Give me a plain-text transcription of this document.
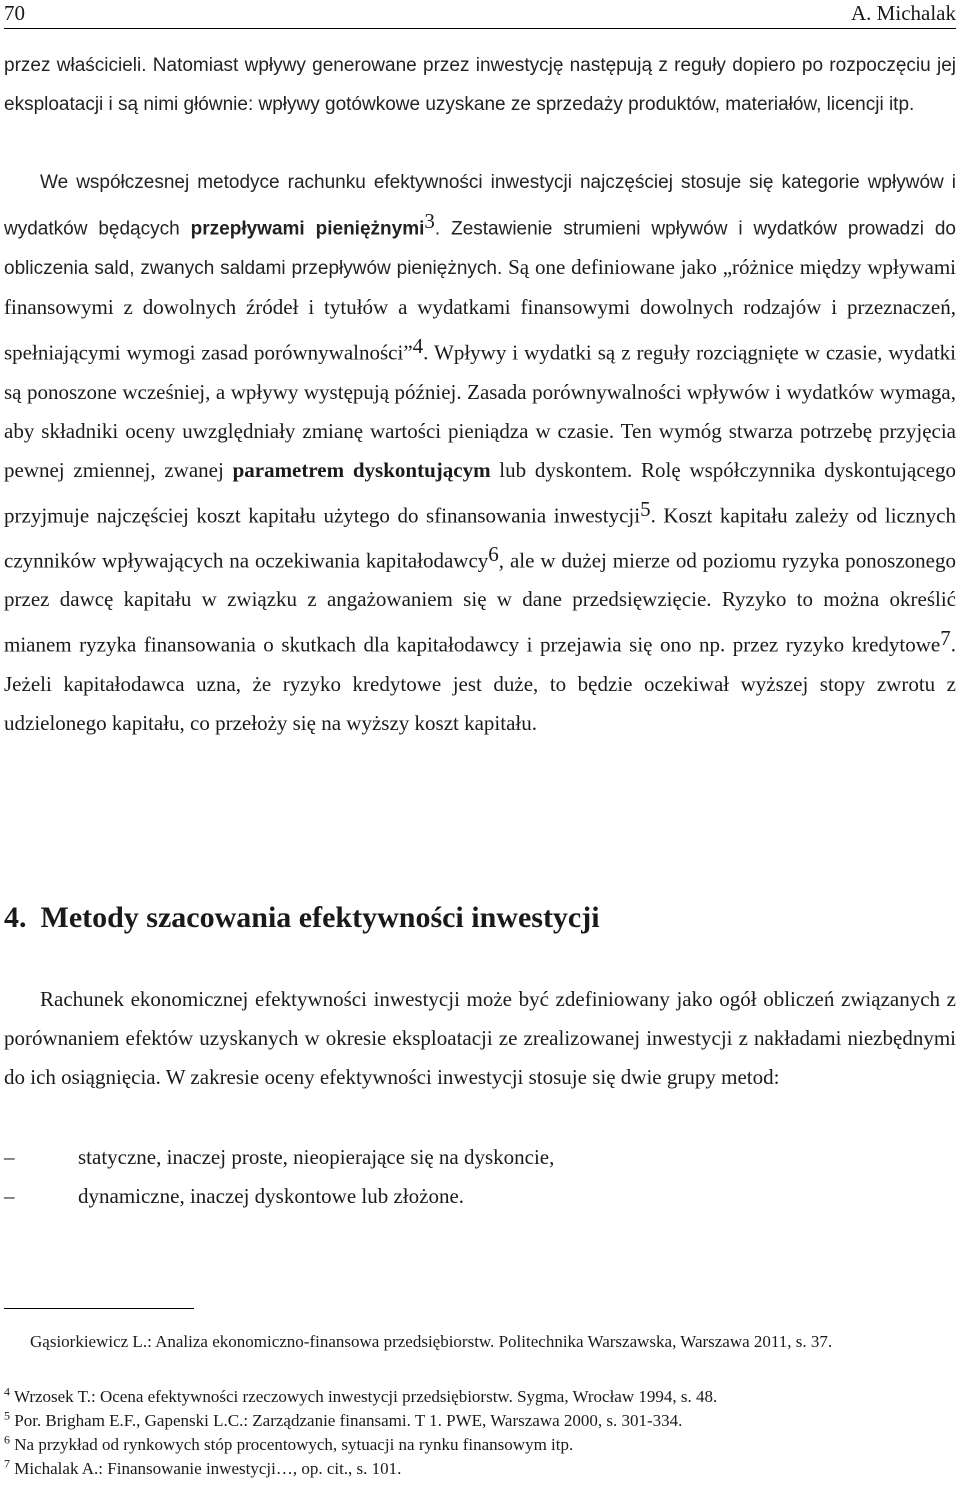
70	A. Michalak

przez właścicieli. Natomiast wpływy generowane przez inwestycję następują z reguły dopiero po rozpoczęciu jej eksploatacji i są nimi głównie: wpływy gotówkowe uzyskane ze sprzedaży produktów, materiałów, licencji itp.

We współczesnej metodyce rachunku efektywności inwestycji najczęściej stosuje się kategorie wpływów i wydatków będących przepływami pieniężnymi$^3$. Zestawienie strumieni wpływów i wydatków prowadzi do obliczenia sald, zwanych saldami przepływów pieniężnych. Są one definiowane jako „różnice między wpływami finansowymi z dowolnych źródeł i tytułów a wydatkami finansowymi dowolnych rodzajów i przeznaczeń, spełniającymi wymogi zasad porównywalności”$^4$. Wpływy i wydatki są z reguły rozciągnięte w czasie, wydatki są ponoszone wcześniej, a wpływy występują później. Zasada porównywalności wpływów i wydatków wymaga, aby składniki oceny uwzględniały zmianę wartości pieniądza w czasie. Ten wymóg stwarza potrzebę przyjęcia pewnej zmiennej, zwanej parametrem dyskontującym lub dyskontem. Rolę współczynnika dyskontującego przyjmuje najczęściej koszt kapitału użytego do sfinansowania inwestycji$^5$. Koszt kapitału zależy od licznych czynników wpływających na oczekiwania kapitałodawcy$^6$, ale w dużej mierze od poziomu ryzyka ponoszonego przez dawcę kapitału w związku z angażowaniem się w dane przedsięwzięcie. Ryzyko to można określić mianem ryzyka finansowania o skutkach dla kapitałodawcy i przejawia się ono np. przez ryzyko kredytowe$^7$. Jeżeli kapitałodawca uzna, że ryzyko kredytowe jest duże, to będzie oczekiwał wyższej stopy zwrotu z udzielonego kapitału, co przełoży się na wyższy koszt kapitału.

4. Metody szacowania efektywności inwestycji

Rachunek ekonomicznej efektywności inwestycji może być zdefiniowany jako ogół obliczeń związanych z porównaniem efektów uzyskanych w okresie eksploatacji ze zrealizowanej inwestycji z nakładami niezbędnymi do ich osiągnięcia. W zakresie oceny efektywności inwestycji stosuje się dwie grupy metod:

–	statyczne, inaczej proste, nieopierające się na dyskoncie,
–	dynamiczne, inaczej dyskontowe lub złożone.

Gąsiorkiewicz L.: Analiza ekonomiczno-finansowa przedsiębiorstw. Politechnika Warszawska, Warszawa 2011, s. 37.

$^4$ Wrzosek T.: Ocena efektywności rzeczowych inwestycji przedsiębiorstw. Sygma, Wrocław 1994, s. 48.

$^5$ Por. Brigham E.F., Gapenski L.C.: Zarządzanie finansami. T 1. PWE, Warszawa 2000, s. 301-334.

$^6$ Na przykład od rynkowych stóp procentowych, sytuacji na rynku finansowym itp.

$^7$ Michalak A.: Finansowanie inwestycji…, op. cit., s. 101.
